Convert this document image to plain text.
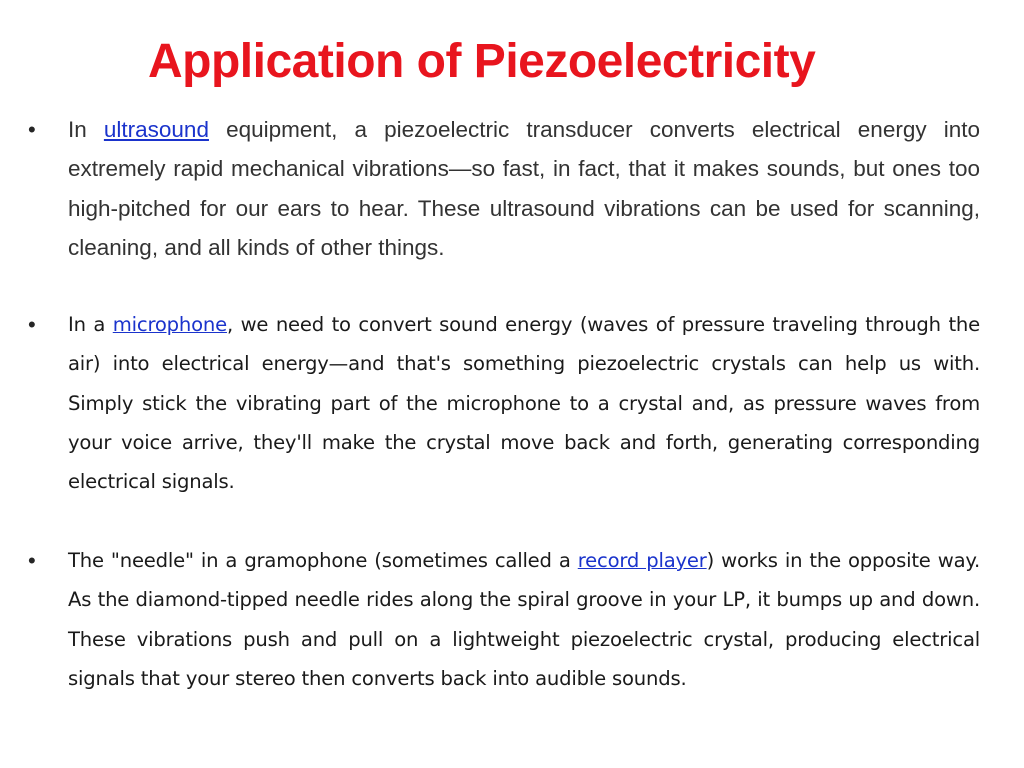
Application of Piezoelectricity
•	In ultrasound equipment, a piezoelectric transducer converts electrical energy into extremely rapid mechanical vibrations—so fast, in fact, that it makes sounds, but ones too high-pitched for our ears to hear. These ultrasound vibrations can be used for scanning, cleaning, and all kinds of other things.

•	In a microphone, we need to convert sound energy (waves of pressure traveling through the air) into electrical energy—and that's something piezoelectric crystals can help us with. Simply stick the vibrating part of the microphone to a crystal and, as pressure waves from your voice arrive, they'll make the crystal move back and forth, generating corresponding electrical signals.

•	The "needle" in a gramophone (sometimes called a record player) works in the opposite way. As the diamond-tipped needle rides along the spiral groove in your LP, it bumps up and down. These vibrations push and pull on a lightweight piezoelectric crystal, producing electrical signals that your stereo then converts back into audible sounds.
